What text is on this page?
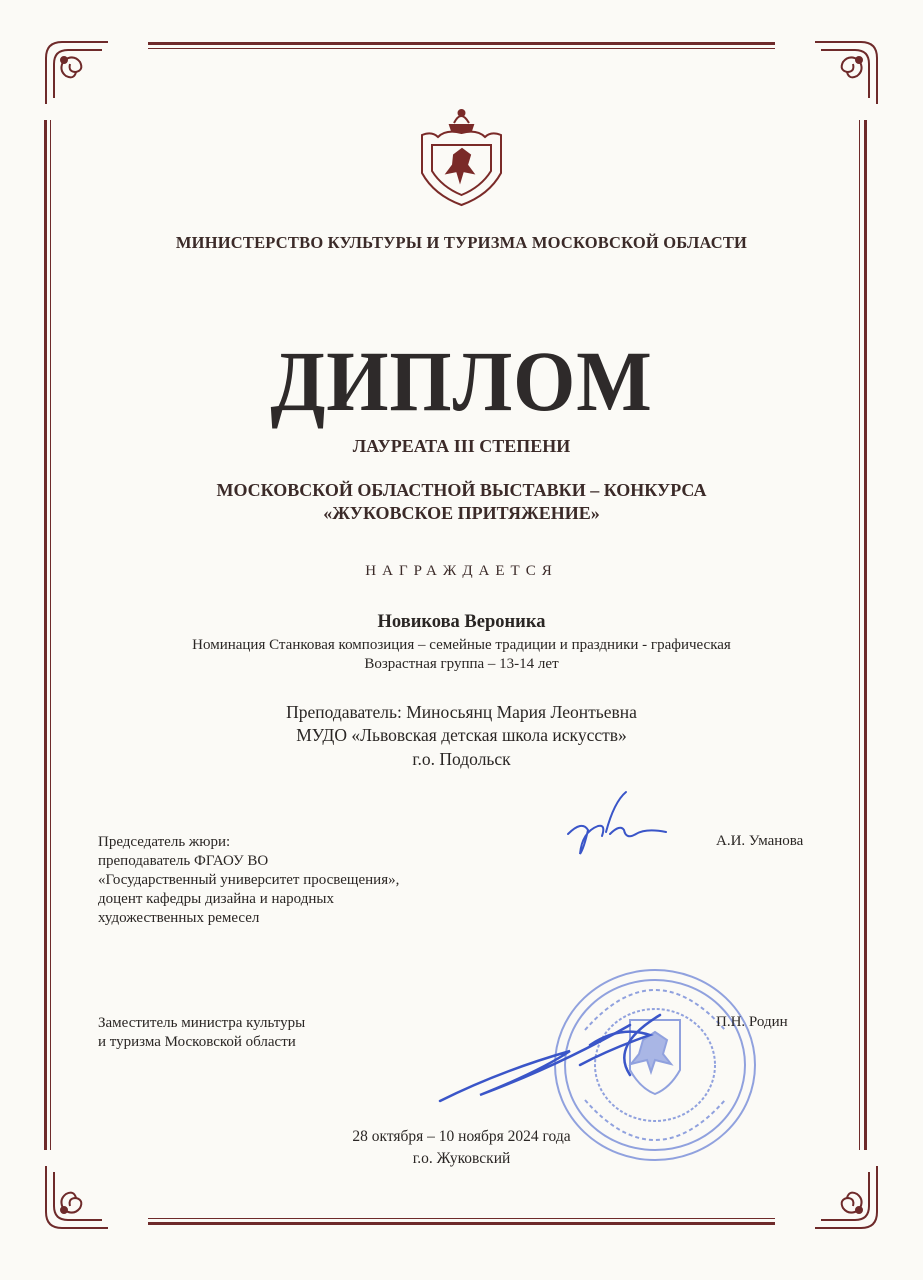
МИНИСТЕРСТВО КУЛЬТУРЫ И ТУРИЗМА МОСКОВСКОЙ ОБЛАСТИ
ДИПЛОМ
ЛАУРЕАТА III СТЕПЕНИ
МОСКОВСКОЙ ОБЛАСТНОЙ ВЫСТАВКИ – КОНКУРСА
«ЖУКОВСКОЕ ПРИТЯЖЕНИЕ»
НАГРАЖДАЕТСЯ
Новикова Вероника
Номинация Станковая композиция – семейные традиции и праздники - графическая
Возрастная группа – 13-14 лет
Преподаватель: Миносьянц Мария Леонтьевна
МУДО «Львовская детская школа искусств»
г.о. Подольск
Председатель жюри:
преподаватель ФГАОУ ВО
«Государственный университет просвещения»,
доцент кафедры дизайна и народных
художественных ремесел
А.И. Уманова
Заместитель министра культуры
и туризма Московской области
П.Н. Родин
28 октября – 10 ноября 2024 года
г.о. Жуковский
